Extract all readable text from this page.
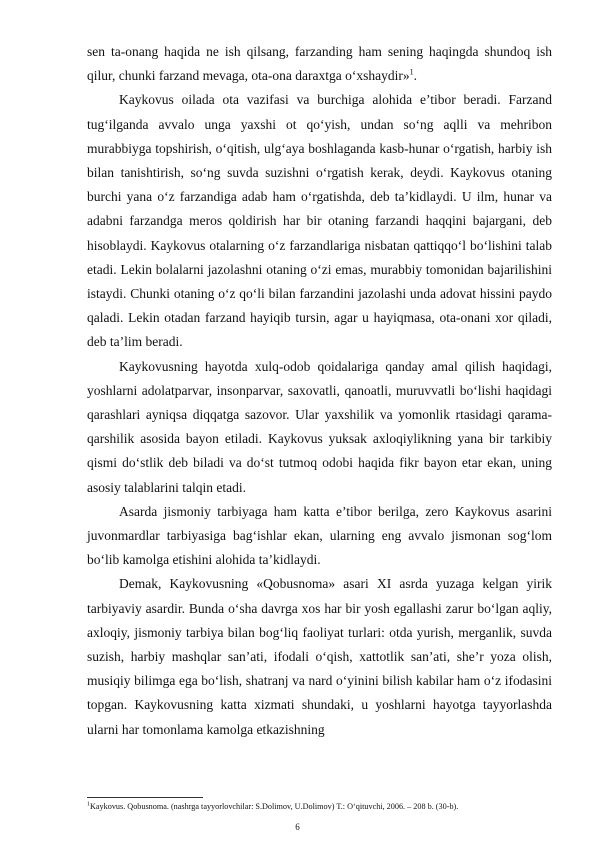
sen ta-onang haqida ne ish qilsang, farzanding ham sening haqingda shundoq ish qilur, chunki farzand mevaga, ota-ona daraxtga o‘xshaydir»$^1$.

Kaykovus oilada ota vazifasi va burchiga alohida e’tibor beradi. Farzand tug‘ilganda avvalo unga yaxshi ot qo‘yish, undan so‘ng aqlli va mehribon murabbiyga topshirish, o‘qitish, ulg‘aya boshlaganda kasb-hunar o‘rgatish, harbiy ish bilan tanishtirish, so‘ng suvda suzishni o‘rgatish kerak, deydi. Kaykovus otaning burchi yana o‘z farzandiga adab ham o‘rgatishda, deb ta’kidlaydi. U ilm, hunar va adabni farzandga meros qoldirish har bir otaning farzandi haqqini bajargani, deb hisoblaydi. Kaykovus otalarning o‘z farzandlariga nisbatan qattiqqo‘l bo‘lishini talab etadi. Lekin bolalarni jazolashni otaning o‘zi emas, murabbiy tomonidan bajarilishini istaydi. Chunki otaning o‘z qo‘li bilan farzandini jazolashi unda adovat hissini paydo qaladi. Lekin otadan farzand hayiqib tursin, agar u hayiqmasa, ota-onani xor qiladi, deb ta’lim beradi.

Kaykovusning hayotda xulq-odob qoidalariga qanday amal qilish haqidagi, yoshlarni adolatparvar, insonparvar, saxovatli, qanoatli, muruvvatli bo‘lishi haqidagi qarashlari ayniqsa diqqatga sazovor. Ular yaxshilik va yomonlik rtasidagi qarama-qarshilik asosida bayon etiladi. Kaykovus yuksak axloqiylikning yana bir tarkibiy qismi do‘stlik deb biladi va do‘st tutmoq odobi haqida fikr bayon etar ekan, uning asosiy talablarini talqin etadi.

Asarda jismoniy tarbiyaga ham katta e’tibor berilga, zero Kaykovus asarini juvonmardlar tarbiyasiga bag‘ishlar ekan, ularning eng avvalo jismonan sog‘lom bo‘lib kamolga etishini alohida ta’kidlaydi.

Demak, Kaykovusning «Qobusnoma» asari XI asrda yuzaga kelgan yirik tarbiyaviy asardir. Bunda o‘sha davrga xos har bir yosh egallashi zarur bo‘lgan aqliy, axloqiy, jismoniy tarbiya bilan bog‘liq faoliyat turlari: otda yurish, merganlik, suvda suzish, harbiy mashqlar san’ati, ifodali o‘qish, xattotlik san’ati, she’r yoza olish, musiqiy bilimga ega bo‘lish, shatranj va nard o‘yinini bilish kabilar ham o‘z ifodasini topgan. Kaykovusning katta xizmati shundaki, u yoshlarni hayotga tayyorlashda ularni har tomonlama kamolga etkazishning

$^1$Kaykovus. Qobusnoma. (nashrga tayyorlovchilar: S.Dolimov, U.Dolimov) T.: O‘qituvchi, 2006. – 208 b. (30-b).
6
